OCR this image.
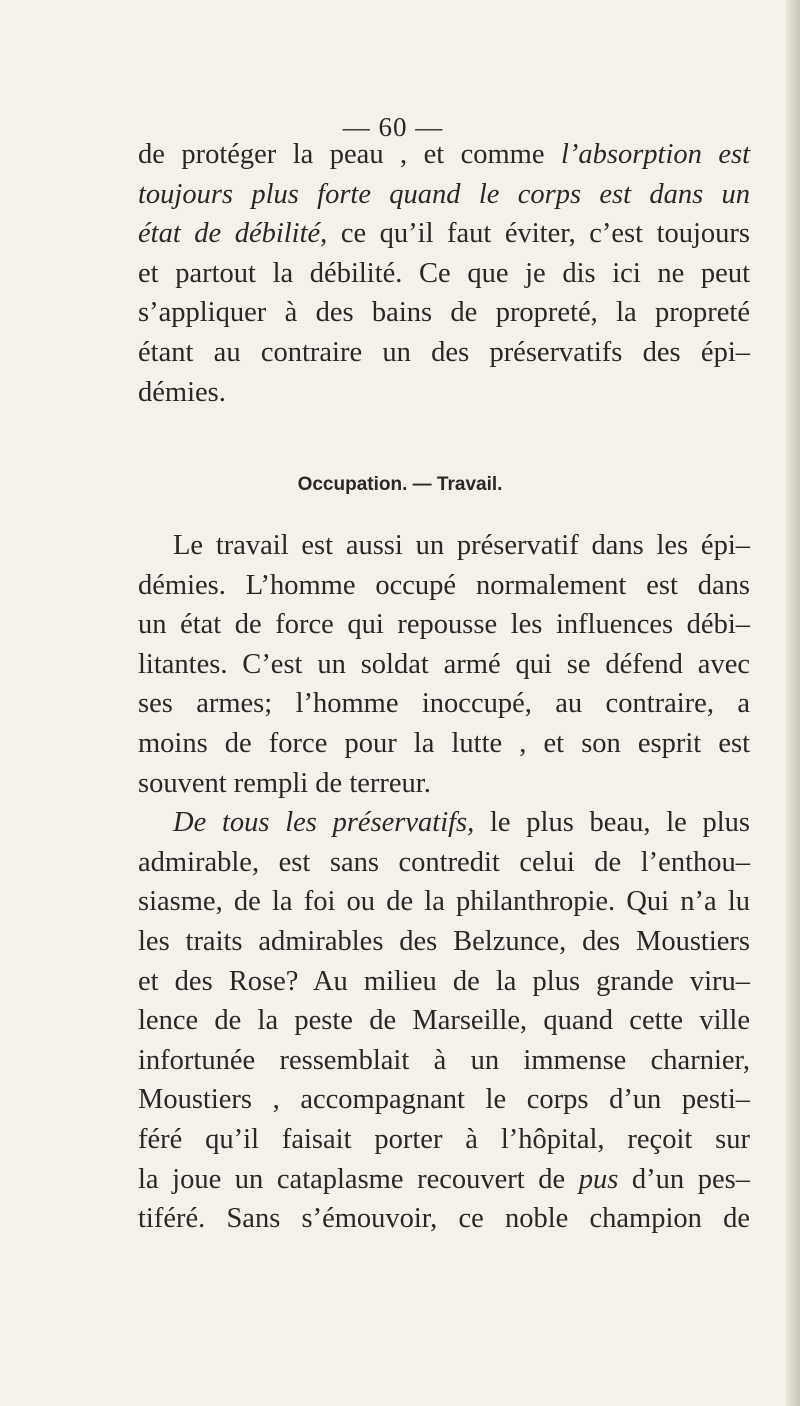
— 60 —
de protéger la peau , et comme l’absorption est
toujours plus forte quand le corps est dans un
état de débilité, ce qu’il faut éviter, c’est toujours
et partout la débilité. Ce que je dis ici ne peut
s’appliquer à des bains de propreté, la propreté
étant au contraire un des préservatifs des épi–
démies.
Occupation. — Travail.
Le travail est aussi un préservatif dans les épi–
démies. L’homme occupé normalement est dans
un état de force qui repousse les influences débi–
litantes. C’est un soldat armé qui se défend avec
ses armes; l’homme inoccupé, au contraire, a
moins de force pour la lutte , et son esprit est
souvent rempli de terreur.
De tous les préservatifs, le plus beau, le plus
admirable, est sans contredit celui de l’enthou–
siasme, de la foi ou de la philanthropie. Qui n’a lu
les traits admirables des Belzunce, des Moustiers
et des Rose? Au milieu de la plus grande viru–
lence de la peste de Marseille, quand cette ville
infortunée ressemblait à un immense charnier,
Moustiers , accompagnant le corps d’un pesti–
féré qu’il faisait porter à l’hôpital, reçoit sur
la joue un cataplasme recouvert de pus d’un pes–
tiféré. Sans s’émouvoir, ce noble champion de
